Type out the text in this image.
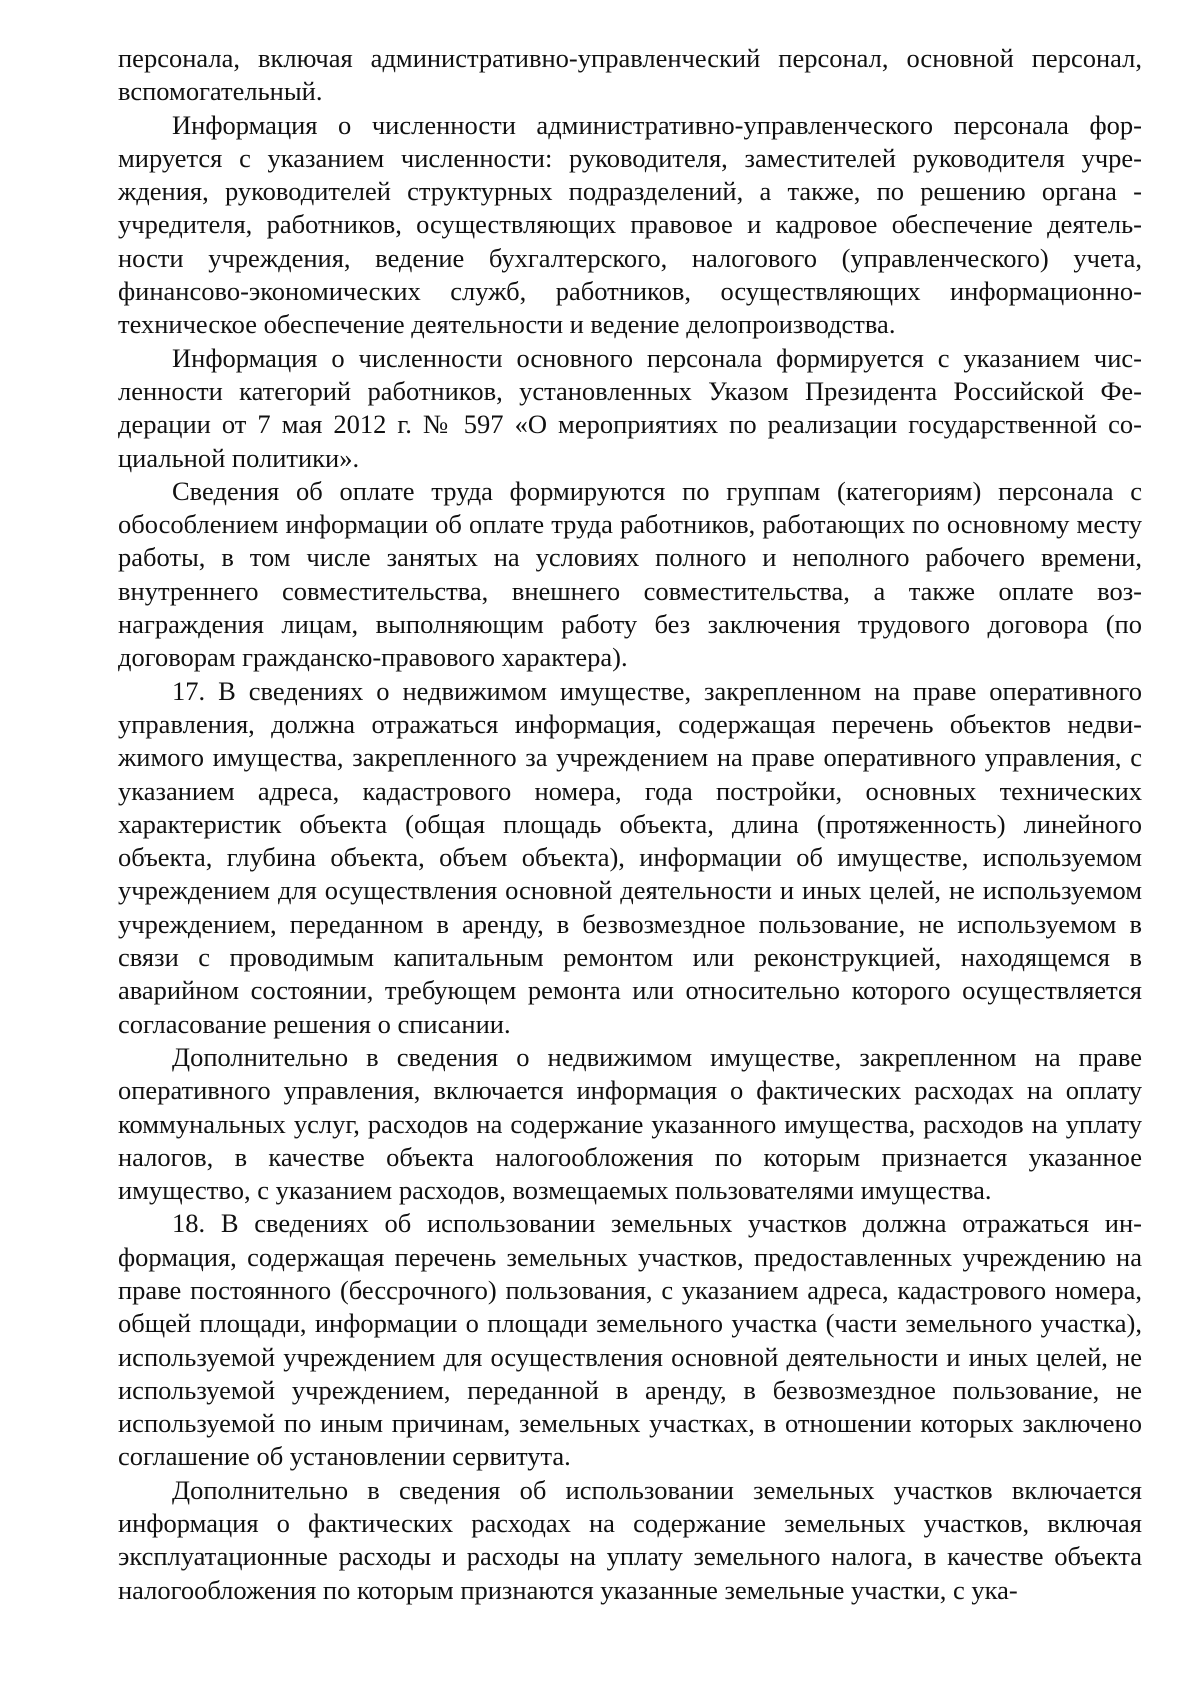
персонала, включая административно-управленческий персонал, основной персонал, вспомогательный.

Информация о численности административно-управленческого персонала формируется с указанием численности: руководителя, заместителей руководителя учреждения, руководителей структурных подразделений, а также, по решению органа - учредителя, работников, осуществляющих правовое и кадровое обеспечение деятельности учреждения, ведение бухгалтерского, налогового (управленческого) учета, финансово-экономических служб, работников, осуществляющих информационно-техническое обеспечение деятельности и ведение делопроизводства.

Информация о численности основного персонала формируется с указанием численности категорий работников, установленных Указом Президента Российской Федерации от 7 мая 2012 г. № 597 «О мероприятиях по реализации государственной социальной политики».

Сведения об оплате труда формируются по группам (категориям) персонала с обособлением информации об оплате труда работников, работающих по основному месту работы, в том числе занятых на условиях полного и неполного рабочего времени, внутреннего совместительства, внешнего совместительства, а также оплате вознаграждения лицам, выполняющим работу без заключения трудового договора (по договорам гражданско-правового характера).

17. В сведениях о недвижимом имуществе, закрепленном на праве оперативного управления, должна отражаться информация, содержащая перечень объектов недвижимого имущества, закрепленного за учреждением на праве оперативного управления, с указанием адреса, кадастрового номера, года постройки, основных технических характеристик объекта (общая площадь объекта, длина (протяженность) линейного объекта, глубина объекта, объем объекта), информации об имуществе, используемом учреждением для осуществления основной деятельности и иных целей, не используемом учреждением, переданном в аренду, в безвозмездное пользование, не используемом в связи с проводимым капитальным ремонтом или реконструкцией, находящемся в аварийном состоянии, требующем ремонта или относительно которого осуществляется согласование решения о списании.

Дополнительно в сведения о недвижимом имуществе, закрепленном на праве оперативного управления, включается информация о фактических расходах на оплату коммунальных услуг, расходов на содержание указанного имущества, расходов на уплату налогов, в качестве объекта налогообложения по которым признается указанное имущество, с указанием расходов, возмещаемых пользователями имущества.

18. В сведениях об использовании земельных участков должна отражаться информация, содержащая перечень земельных участков, предоставленных учреждению на праве постоянного (бессрочного) пользования, с указанием адреса, кадастрового номера, общей площади, информации о площади земельного участка (части земельного участка), используемой учреждением для осуществления основной деятельности и иных целей, не используемой учреждением, переданной в аренду, в безвозмездное пользование, не используемой по иным причинам, земельных участках, в отношении которых заключено соглашение об установлении сервитута.

Дополнительно в сведения об использовании земельных участков включается информация о фактических расходах на содержание земельных участков, включая эксплуатационные расходы и расходы на уплату земельного налога, в качестве объекта налогообложения по которым признаются указанные земельные участки, с ука-
